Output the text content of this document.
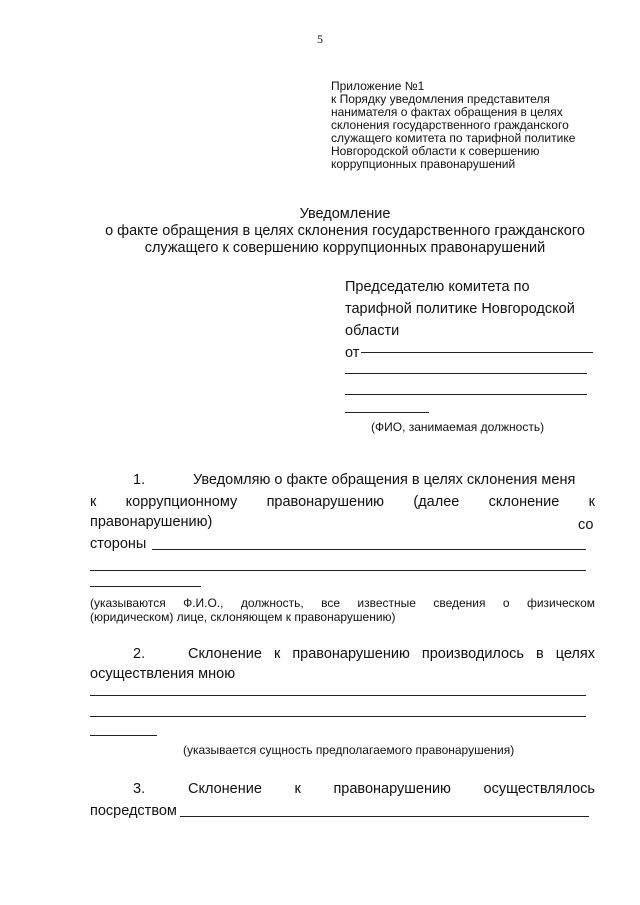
5
Приложение №1
к Порядку уведомления представителя
нанимателя о фактах обращения в целях
склонения государственного гражданского
служащего комитета по тарифной политике
Новгородской области к совершению
коррупционных правонарушений
Уведомление
о факте обращения в целях склонения государственного гражданского
служащего к совершению коррупционных правонарушений
Председателю комитета по
тарифной политике Новгородской
области
от
(ФИО, занимаемая должность)
1.	Уведомляю о факте обращения в целях склонения меня
к коррупционному правонарушению (далее склонение к
правонарушению)	со
стороны
(указываются Ф.И.О., должность, все известные сведения о физическом
(юридическом) лице, склоняющем к правонарушению)
2.	Склонение к правонарушению производилось в целях
осуществления мною
(указывается сущность предполагаемого правонарушения)
3.	Склонение к правонарушению осуществлялось
посредством
